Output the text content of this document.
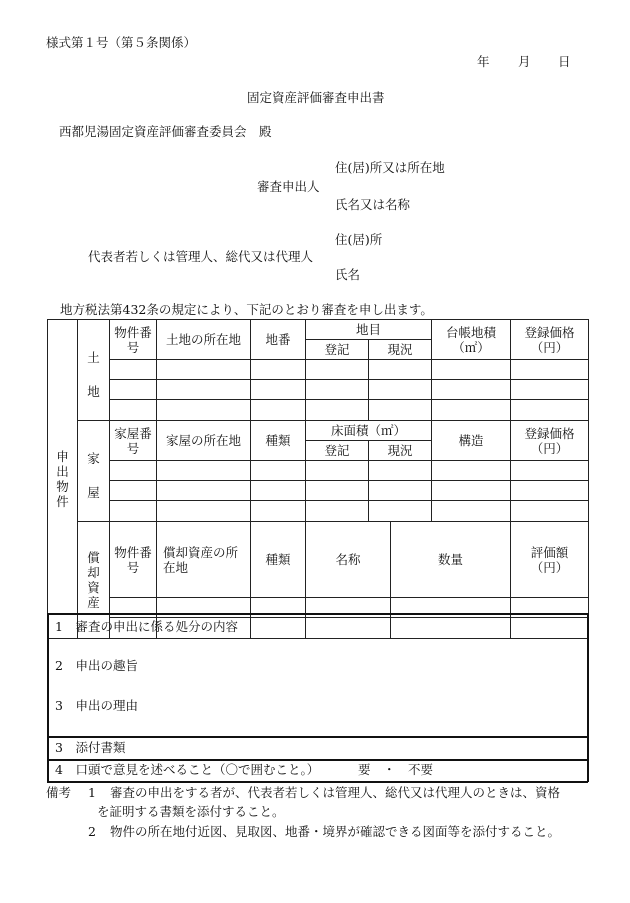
様式第１号（第５条関係）
年 月 日
固定資産評価審査申出書
西都児湯固定資産評価審査委員会　殿
住(居)所又は所在地
審査申出人
氏名又は名称
住(居)所
代表者若しくは管理人、総代又は代理人
氏名
地方税法第432条の規定により、下記のとおり審査を申し出ます。
申出物件	土
地	物件番号	土地の所在地	地番	地目			台帳地積（㎡）	登録価格（円）	
					登記	現況				

	家
屋	家屋番号	家屋の所在地	種類	床面積（㎡）			構造	登録価格（円）	
					登記	現況				

	償
却
資
産	物件番号	償却資産の所在地	種類	名称		数量		評価額（円）	

1　審査の申出に係る処分の内容
2　申出の趣旨
3　申出の理由
3　添付書類
4　口頭で意見を述べること（〇で囲むこと。）	要　・　不要
備考 1 審査の申出をする者が、代表者若しくは管理人、総代又は代理人のときは、資格
を証明する書類を添付すること。
2 物件の所在地付近図、見取図、地番・境界が確認できる図面等を添付すること。
